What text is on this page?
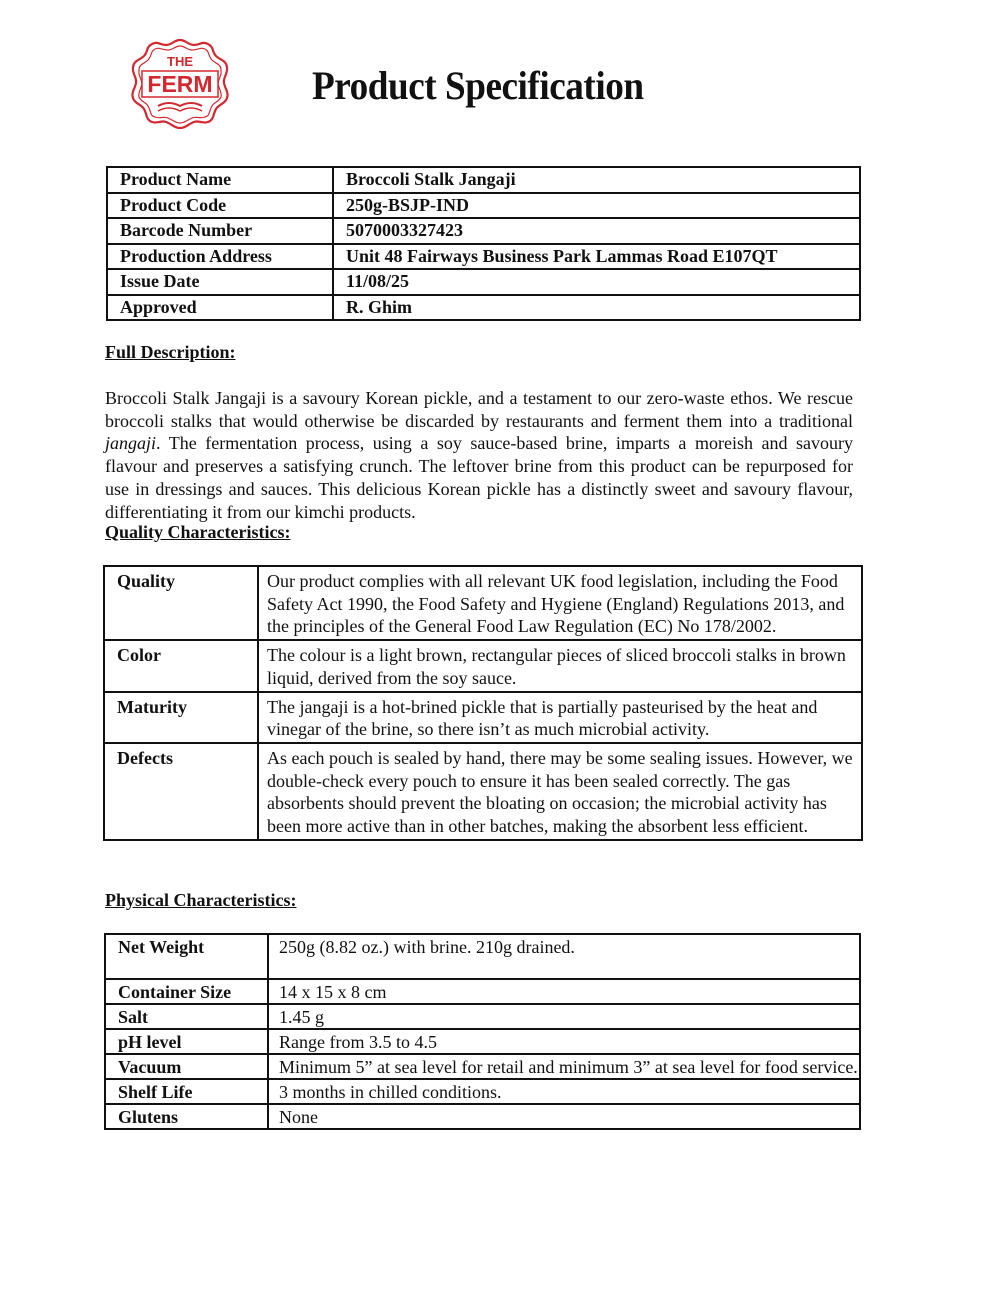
THE
FERM Product Specification
Product Name	Broccoli Stalk Jangaji
Product Code	250g-BSJP-IND
Barcode Number	5070003327423
Production Address	Unit 48 Fairways Business Park Lammas Road E107QT
Issue Date	11/08/25
Approved	R. Ghim
Full Description:
Broccoli Stalk Jangaji is a savoury Korean pickle, and a testament to our zero-waste ethos. We rescue broccoli stalks that would otherwise be discarded by restaurants and ferment them into a traditional jangaji. The fermentation process, using a soy sauce-based brine, imparts a moreish and savoury flavour and preserves a satisfying crunch. The leftover brine from this product can be repurposed for use in dressings and sauces. This delicious Korean pickle has a distinctly sweet and savoury flavour, differentiating it from our kimchi products.
Quality Characteristics:
Quality	Our product complies with all relevant UK food legislation, including the Food Safety Act 1990, the Food Safety and Hygiene (England) Regulations 2013, and the principles of the General Food Law Regulation (EC) No 178/2002.
Color	The colour is a light brown, rectangular pieces of sliced broccoli stalks in brown liquid, derived from the soy sauce.
Maturity	The jangaji is a hot-brined pickle that is partially pasteurised by the heat and vinegar of the brine, so there isn’t as much microbial activity.
Defects	As each pouch is sealed by hand, there may be some sealing issues. However, we double-check every pouch to ensure it has been sealed correctly. The gas absorbents should prevent the bloating on occasion; the microbial activity has been more active than in other batches, making the absorbent less efficient.
Physical Characteristics:
Net Weight	250g (8.82 oz.) with brine. 210g drained.
Container Size	14 x 15 x 8 cm
Salt	1.45 g
pH level	Range from 3.5 to 4.5
Vacuum	Minimum 5” at sea level for retail and minimum 3” at sea level for food service.
Shelf Life	3 months in chilled conditions.
Glutens	None
